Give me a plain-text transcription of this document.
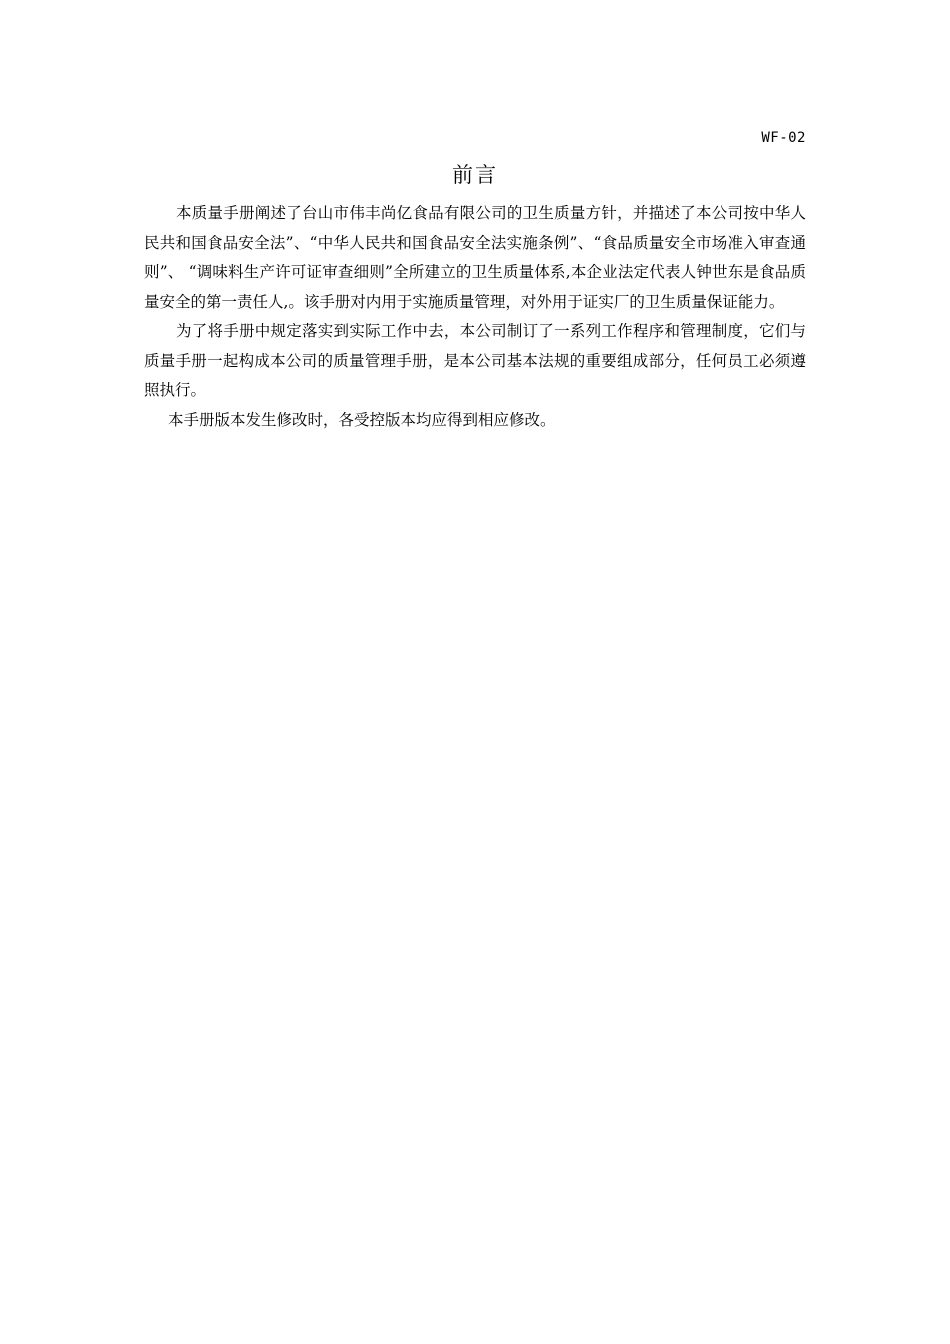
WF-02
前言

本质量手册阐述了台山市伟丰尚亿食品有限公司的卫生质量方针，并描述了本公司按中华人民共和国食品安全法”、“中华人民共和国食品安全法实施条例”、“食品质量安全市场准入审查通则”、 “调味料生产许可证审查细则”全所建立的卫生质量体系,本企业法定代表人钟世东是食品质量安全的第一责任人,。该手册对内用于实施质量管理，对外用于证实厂的卫生质量保证能力。

为了将手册中规定落实到实际工作中去，本公司制订了一系列工作程序和管理制度，它们与质量手册一起构成本公司的质量管理手册，是本公司基本法规的重要组成部分，任何员工必须遵照执行。

本手册版本发生修改时，各受控版本均应得到相应修改。
